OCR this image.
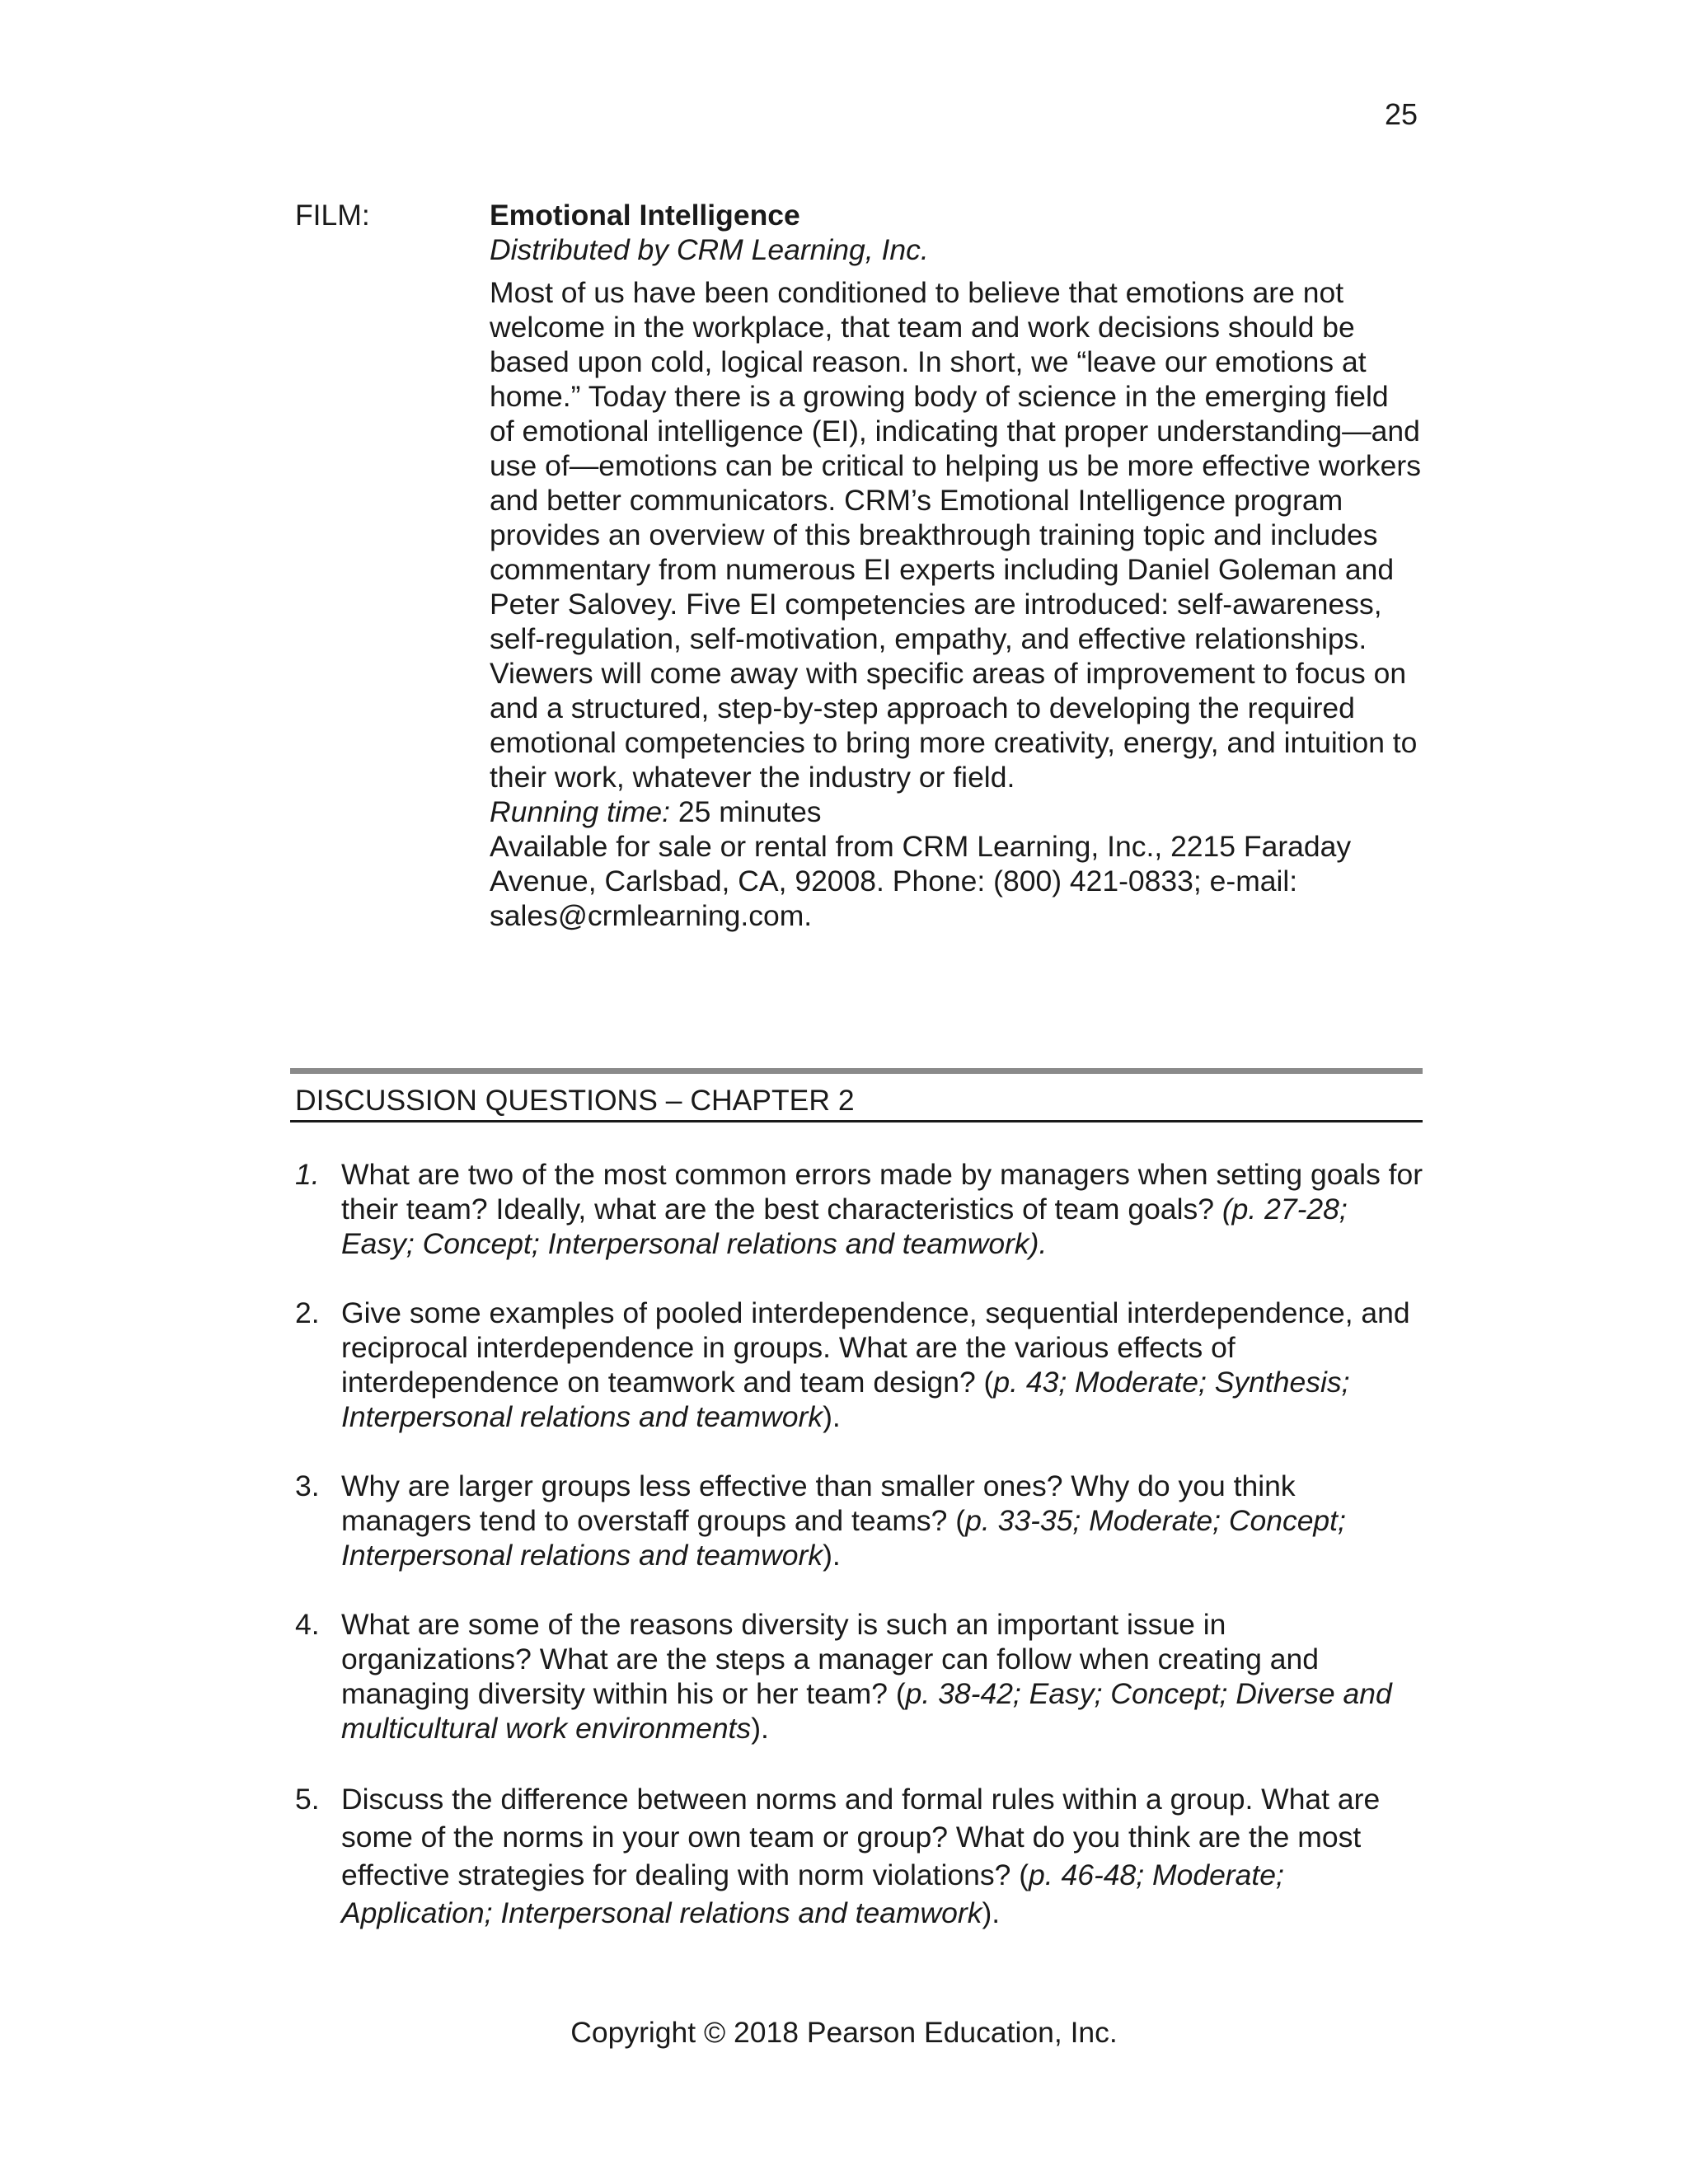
25
FILM:	Emotional Intelligence
Distributed by CRM Learning, Inc.

Most of us have been conditioned to believe that emotions are not welcome in the workplace, that team and work decisions should be based upon cold, logical reason. In short, we “leave our emotions at home.” Today there is a growing body of science in the emerging field of emotional intelligence (EI), indicating that proper understanding—and use of—emotions can be critical to helping us be more effective workers and better communicators. CRM’s Emotional Intelligence program provides an overview of this breakthrough training topic and includes commentary from numerous EI experts including Daniel Goleman and Peter Salovey. Five EI competencies are introduced: self-awareness, self-regulation, self-motivation, empathy, and effective relationships. Viewers will come away with specific areas of improvement to focus on and a structured, step-by-step approach to developing the required emotional competencies to bring more creativity, energy, and intuition to their work, whatever the industry or field.

Running time: 25 minutes

Available for sale or rental from CRM Learning, Inc., 2215 Faraday Avenue, Carlsbad, CA, 92008. Phone: (800) 421-0833; e-mail: sales@crmlearning.com.

DISCUSSION QUESTIONS – CHAPTER 2
1. What are two of the most common errors made by managers when setting goals for their team? Ideally, what are the best characteristics of team goals? (p. 27-28; Easy; Concept; Interpersonal relations and teamwork).
2. Give some examples of pooled interdependence, sequential interdependence, and reciprocal interdependence in groups. What are the various effects of interdependence on teamwork and team design? (p. 43; Moderate; Synthesis; Interpersonal relations and teamwork).
3. Why are larger groups less effective than smaller ones? Why do you think managers tend to overstaff groups and teams? (p. 33-35; Moderate; Concept; Interpersonal relations and teamwork).
4. What are some of the reasons diversity is such an important issue in organizations? What are the steps a manager can follow when creating and managing diversity within his or her team? (p. 38-42; Easy; Concept; Diverse and multicultural work environments).
5. Discuss the difference between norms and formal rules within a group. What are some of the norms in your own team or group? What do you think are the most effective strategies for dealing with norm violations? (p. 46-48; Moderate; Application; Interpersonal relations and teamwork).
Copyright © 2018 Pearson Education, Inc.
